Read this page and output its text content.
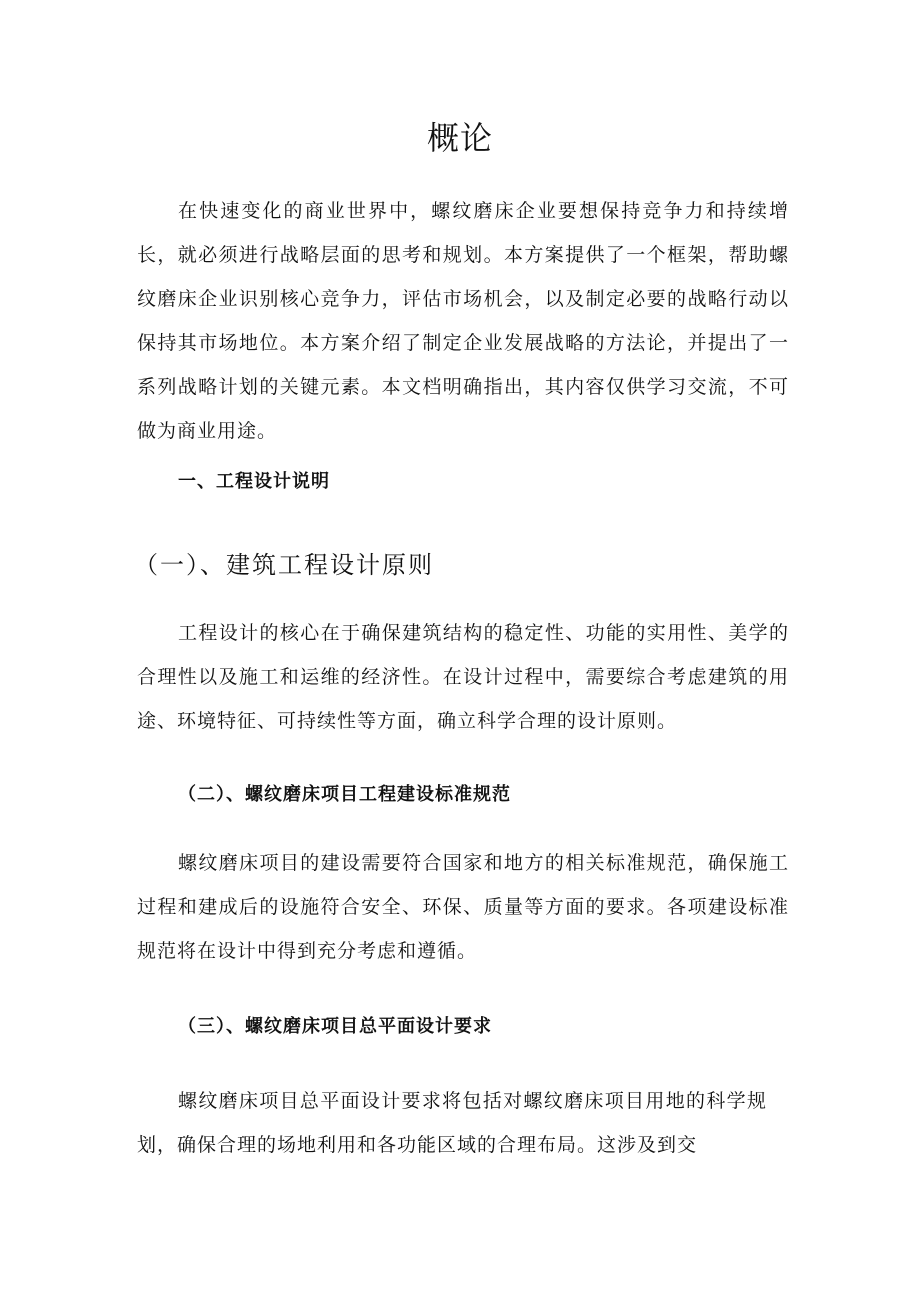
概论

在快速变化的商业世界中，螺纹磨床企业要想保持竞争力和持续增长，就必须进行战略层面的思考和规划。本方案提供了一个框架，帮助螺纹磨床企业识别核心竞争力，评估市场机会，以及制定必要的战略行动以保持其市场地位。本方案介绍了制定企业发展战略的方法论，并提出了一系列战略计划的关键元素。本文档明确指出，其内容仅供学习交流，不可做为商业用途。

一、工程设计说明
（一）、建筑工程设计原则

工程设计的核心在于确保建筑结构的稳定性、功能的实用性、美学的合理性以及施工和运维的经济性。在设计过程中，需要综合考虑建筑的用途、环境特征、可持续性等方面，确立科学合理的设计原则。

（二）、螺纹磨床项目工程建设标准规范

螺纹磨床项目的建设需要符合国家和地方的相关标准规范，确保施工过程和建成后的设施符合安全、环保、质量等方面的要求。各项建设标准规范将在设计中得到充分考虑和遵循。

（三）、螺纹磨床项目总平面设计要求

螺纹磨床项目总平面设计要求将包括对螺纹磨床项目用地的科学规划，确保合理的场地利用和各功能区域的合理布局。这涉及到交
